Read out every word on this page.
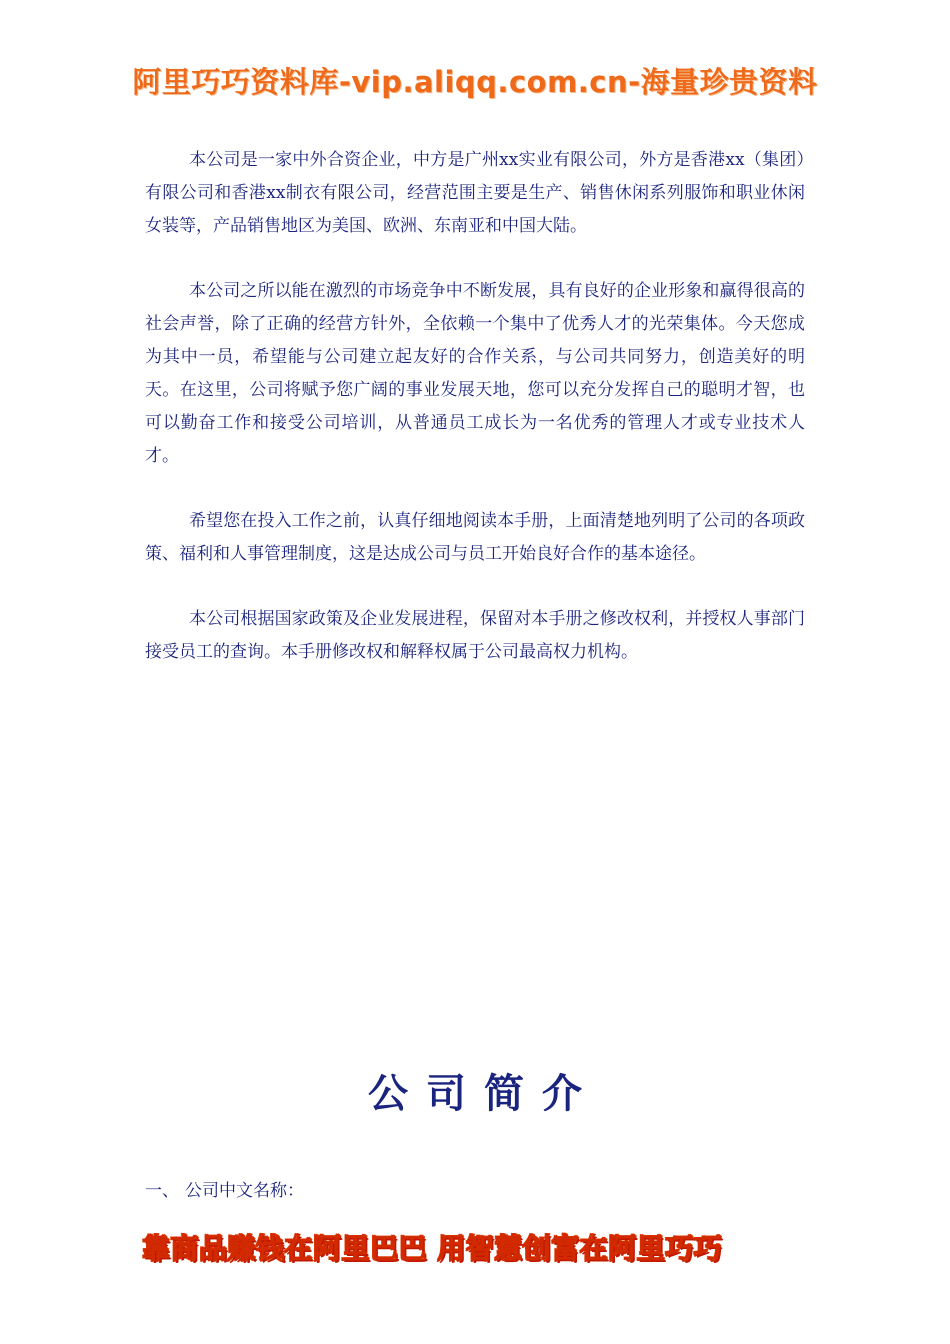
阿里巧巧资料库-vip.aliqq.com.cn-海量珍贵资料

本公司是一家中外合资企业，中方是广州xx实业有限公司，外方是香港xx（集团）有限公司和香港xx制衣有限公司，经营范围主要是生产、销售休闲系列服饰和职业休闲女装等，产品销售地区为美国、欧洲、东南亚和中国大陆。

本公司之所以能在激烈的市场竞争中不断发展，具有良好的企业形象和赢得很高的社会声誉，除了正确的经营方针外，全依赖一个集中了优秀人才的光荣集体。今天您成为其中一员，希望能与公司建立起友好的合作关系，与公司共同努力，创造美好的明天。在这里，公司将赋予您广阔的事业发展天地，您可以充分发挥自己的聪明才智，也可以勤奋工作和接受公司培训，从普通员工成长为一名优秀的管理人才或专业技术人才。

希望您在投入工作之前，认真仔细地阅读本手册，上面清楚地列明了公司的各项政策、福利和人事管理制度，这是达成公司与员工开始良好合作的基本途径。

本公司根据国家政策及企业发展进程，保留对本手册之修改权利，并授权人事部门接受员工的查询。本手册修改权和解释权属于公司最高权力机构。

公司简介
一、 公司中文名称：
靠商品赚钱在阿里巴巴 用智慧创富在阿里巧巧
